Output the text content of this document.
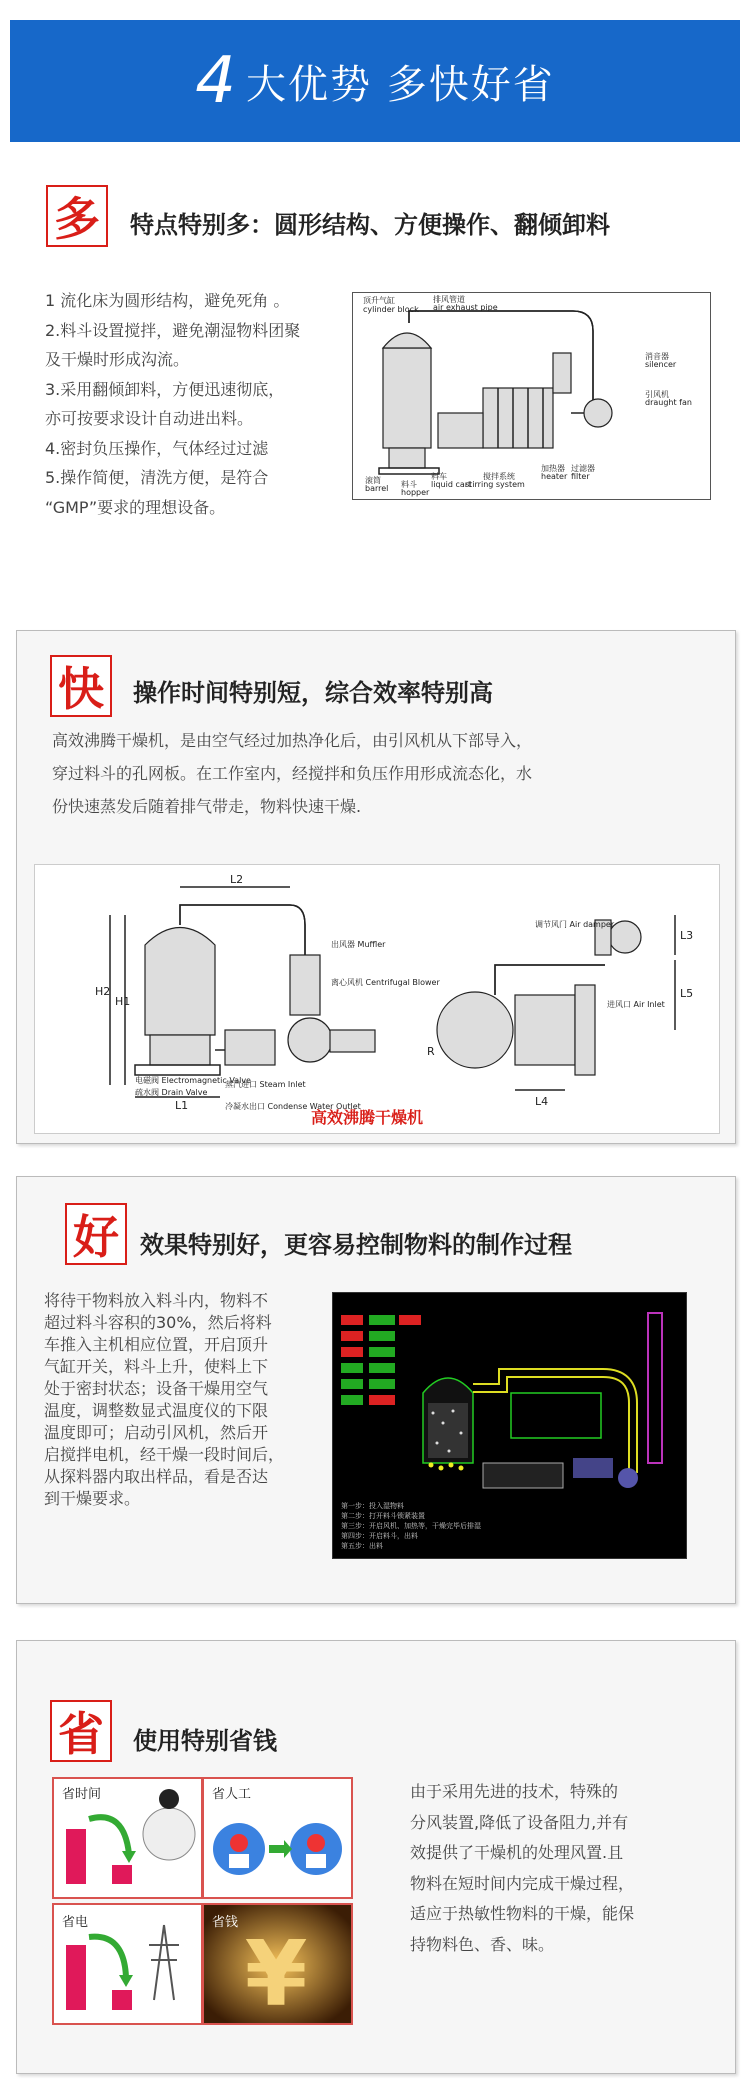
4 大优势 多快好省
多	特点特别多：圆形结构、方便操作、翻倾卸料
1 流化床为圆形结构，避免死角 。
2.料斗设置搅拌，避免潮湿物料团聚
及干燥时形成沟流。
3.采用翻倾卸料，方便迅速彻底，
亦可按要求设计自动进出料。
4.密封负压操作，气体经过过滤
5.操作简便，清洗方便，是符合
“GMP”要求的理想设备。
顶升气缸
cylinder block
排风管道
air exhaust pipe
消音器
silencer
引风机
draught fan
滚筒
barrel 料斗
hopper
料车
liquid cart
搅拌系统
stirring system
加热器
heater
过滤器
filter
快	操作时间特别短，综合效率特别高
高效沸腾干燥机，是由空气经过加热净化后，由引风机从下部导入，
穿过料斗的孔网板。在工作室内，经搅拌和负压作用形成流态化，水
份快速蒸发后随着排气带走，物料快速干燥.
L2
H2
H1
L1
出风器 Muffler
离心风机 Centrifugal Blower
蒸汽进口 Steam Inlet
冷凝水出口 Condense Water Outlet
电磁阀 Electromagnetic Valve
疏水阀 Drain Valve
L3
L5
L4
R
调节风门 Air damper
进风口 Air Inlet
高效沸腾干燥机
好 效果特别好，更容易控制物料的制作过程
将待干物料放入料斗内，物料不
超过料斗容积的30%，然后将料
车推入主机相应位置，开启顶升
气缸开关，料斗上升，使料上下
处于密封状态；设备干燥用空气
温度，调整数显式温度仪的下限
温度即可；启动引风机，然后开
启搅拌电机，经干燥一段时间后，
从探料器内取出样品，看是否达
到干燥要求。	第一步：投入湿物料
第二步：打开料斗锁紧装置
第三步：开启风机、加热等，干燥完毕后排湿
第四步：开启料斗，出料
第五步：出料
省	使用特别省钱
省时间	省人工
省电	省钱 ¥
由于采用先进的技术，特殊的
分风装置,降低了设备阻力,并有
效提供了干燥机的处理风置.且
物料在短时间内完成干燥过程，
适应于热敏性物料的干燥，能保
持物料色、香、味。
